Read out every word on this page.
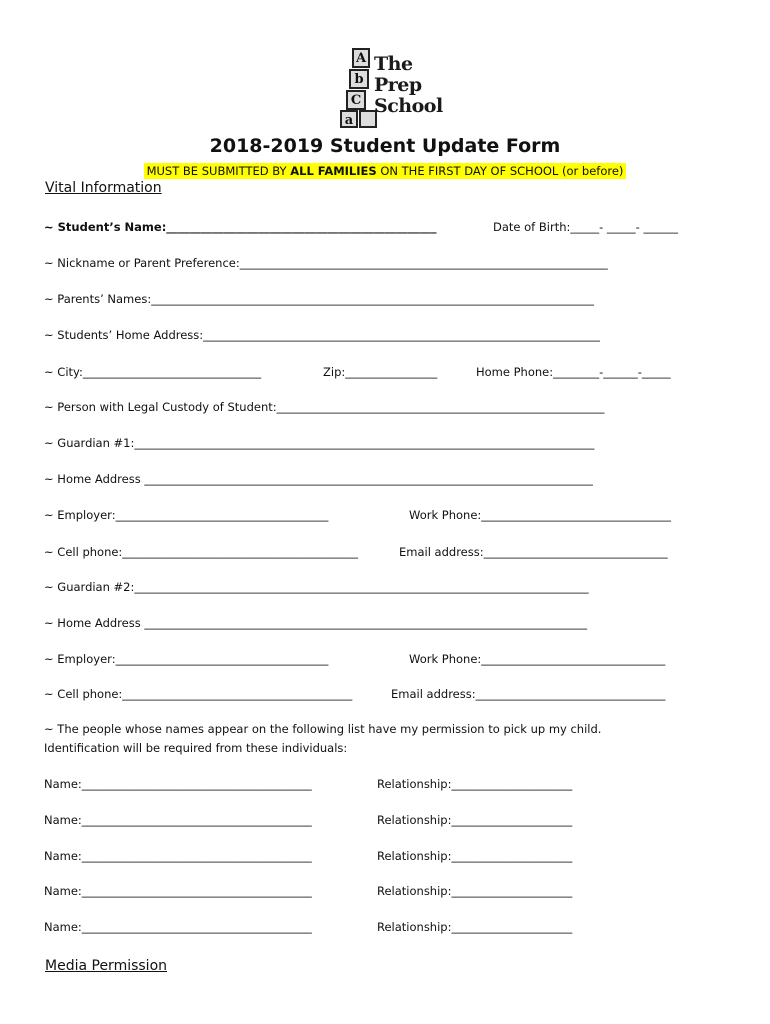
A
b
C
a
The
Prep
School
2018-2019 Student Update Form
MUST BE SUBMITTED BY ALL FAMILIES ON THE FIRST DAY OF SCHOOL (or before)
Vital Information
~ Student’s Name:_______________________________________________	Date of Birth:_____- _____- ______
~ Nickname or Parent Preference:________________________________________________________________
~ Parents’ Names:_____________________________________________________________________________
~ Students’ Home Address:_____________________________________________________________________
~ City:_______________________________	Zip:________________	Home Phone:________-______-_____
~ Person with Legal Custody of Student:_________________________________________________________
~ Guardian #1:________________________________________________________________________________
~ Home Address ______________________________________________________________________________
~ Employer:_____________________________________	Work Phone:_________________________________
~ Cell phone:_________________________________________	Email address:________________________________
~ Guardian #2:_______________________________________________________________________________
~ Home Address _____________________________________________________________________________
~ Employer:_____________________________________	Work Phone:________________________________
~ Cell phone:________________________________________	Email address:_________________________________
~ The people whose names appear on the following list have my permission to pick up my child.
Identification will be required from these individuals:
Name:________________________________________	Relationship:_____________________
Name:________________________________________	Relationship:_____________________
Name:________________________________________	Relationship:_____________________
Name:________________________________________	Relationship:_____________________
Name:________________________________________	Relationship:_____________________
Media Permission
